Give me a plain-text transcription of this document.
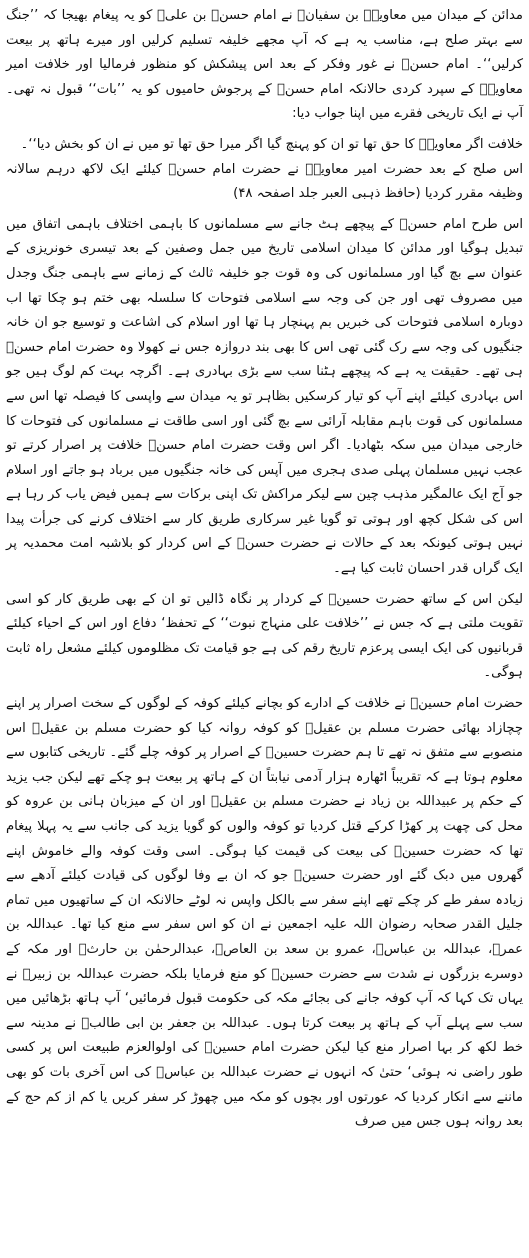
مدائن کے میدان میں معاویہؓ بن سفیانؓ نے امام حسنؓ بن علیؓ کو یہ پیغام بھیجا کہ ’’جنگ سے بہتر صلح ہے، مناسب یہ ہے کہ آپ مجھے خلیفہ تسلیم کرلیں اور میرے ہاتھ پر بیعت کرلیں‘‘۔ امام حسنؓ نے غور وفکر کے بعد اس پیشکش کو منظور فرمالیا اور خلافت امیر معاویہؓ کے سپرد کردی حالانکہ امام حسنؓ کے پرجوش حامیوں کو یہ ’’بات‘‘ قبول نہ تھی۔ آپ نے ایک تاریخی فقرے میں اپنا جواب دیا:

خلافت اگر معاویہؓ کا حق تھا تو ان کو پہنچ گیا اگر میرا حق تھا تو میں نے ان کو بخش دیا‘‘۔

اس صلح کے بعد حضرت امیر معاویہؓ نے حضرت امام حسنؓ کیلئے ایک لاکھ درہم سالانہ وظیفہ مقرر کردیا (حافظ ذہبی العبر جلد اصفحہ ۴۸)

اس طرح امام حسنؓ کے پیچھے ہٹ جانے سے مسلمانوں کا باہمی اختلاف باہمی اتفاق میں تبدیل ہوگیا اور مدائن کا میدان اسلامی تاریخ میں جمل وصفین کے بعد تیسری خونریزی کے عنوان سے بچ گیا اور مسلمانوں کی وہ قوت جو خلیفہ ثالث کے زمانے سے باہمی جنگ وجدل میں مصروف تھی اور جن کی وجہ سے اسلامی فتوحات کا سلسلہ بھی ختم ہو چکا تھا اب دوبارہ اسلامی فتوحات کی خبریں بم پہنچار ہا تھا اور اسلام کی اشاعت و توسیع جو ان خانہ جنگیوں کی وجہ سے رک گئی تھی اس کا بھی بند دروازہ جس نے کھولا وہ حضرت امام حسنؓ ہی تھے۔ حقیقت یہ ہے کہ پیچھے ہٹنا سب سے بڑی بہادری ہے۔ اگرچہ بہت کم لوگ ہیں جو اس بہادری کیلئے اپنے آپ کو تیار کرسکیں بظاہر تو یہ میدان سے واپسی کا فیصلہ تھا اس سے مسلمانوں کی قوت باہم مقابلہ آرائی سے بچ گئی اور اسی طاقت نے مسلمانوں کی فتوحات کا خارجی میدان میں سکہ بٹھادیا۔ اگر اس وقت حضرت امام حسنؓ خلافت پر اصرار کرتے تو عجب نہیں مسلمان پہلی صدی ہجری میں آپس کی خانہ جنگیوں میں برباد ہو جاتے اور اسلام جو آج ایک عالمگیر مذہب چین سے لیکر مراکش تک اپنی برکات سے ہمیں فیض یاب کر رہا ہے اس کی شکل کچھ اور ہوتی تو گویا غیر سرکاری طریق کار سے اختلاف کرنے کی جرأت پیدا نہیں ہوتی کیونکہ بعد کے حالات نے حضرت حسنؓ کے اس کردار کو بلاشبہ امت محمدیہ پر ایک گراں قدر احسان ثابت کیا ہے۔

لیکن اس کے ساتھ حضرت حسینؓ کے کردار پر نگاہ ڈالیں تو ان کے بھی طریق کار کو اسی تقویت ملتی ہے کہ جس نے ’’خلافت علی منہاج نبوت‘‘ کے تحفظ‘ دفاع اور اس کے احیاء کیلئے قربانیوں کی ایک ایسی پرعزم تاریخ رقم کی ہے جو قیامت تک مظلوموں کیلئے مشعل راہ ثابت ہوگی۔

حضرت امام حسینؓ نے خلافت کے ادارے کو بچانے کیلئے کوفہ کے لوگوں کے سخت اصرار پر اپنے چچازاد بھائی حضرت مسلم بن عقیلؓ کو کوفہ روانہ کیا کو حضرت مسلم بن عقیلؓ اس منصوبے سے متفق نہ تھے تا ہم حضرت حسینؓ کے اصرار پر کوفہ چلے گئے۔ تاریخی کتابوں سے معلوم ہوتا ہے کہ تقریباً اٹھارہ ہزار آدمی نیابتاً ان کے ہاتھ پر بیعت ہو چکے تھے لیکن جب یزید کے حکم پر عبیداللہ بن زیاد نے حضرت مسلم بن عقیلؓ اور ان کے میزبان ہانی بن عروہ کو محل کی چھت پر کھڑا کرکے قتل کردیا تو کوفہ والوں کو گویا یزید کی جانب سے یہ پہلا پیغام تھا کہ حضرت حسینؓ کی بیعت کی قیمت کیا ہوگی۔ اسی وقت کوفہ والے خاموش اپنے گھروں میں دبک گئے اور حضرت حسینؓ جو کہ ان بے وفا لوگوں کی قیادت کیلئے آدھے سے زیادہ سفر طے کر چکے تھے اپنے سفر سے بالکل واپس نہ لوٹے حالانکہ ان کے ساتھیوں میں تمام جلیل القدر صحابہ رضوان اللہ علیہ اجمعین نے ان کو اس سفر سے منع کیا تھا۔ عبداللہ بن عمرؓ، عبداللہ بن عباسؓ، عمرو بن سعد بن العاصؓ، عبدالرحمٰن بن حارثؓ اور مکہ کے دوسرے بزرگوں نے شدت سے حضرت حسینؓ کو منع فرمایا بلکہ حضرت عبداللہ بن زبیرؓ نے یہاں تک کہا کہ آپ کوفہ جانے کی بجائے مکہ کی حکومت قبول فرمائیں‘ آپ ہاتھ بڑھائیں میں سب سے پہلے آپ کے ہاتھ پر بیعت کرتا ہوں۔ عبداللہ بن جعفر بن ابی طالبؓ نے مدینہ سے خط لکھ کر بہا اصرار منع کیا لیکن حضرت امام حسینؓ کی اولوالعزم طبیعت اس پر کسی طور راضی نہ ہوئی‘ حتیٰ کہ انہوں نے حضرت عبداللہ بن عباسؓ کی اس آخری بات کو بھی ماننے سے انکار کردیا کہ عورتوں اور بچوں کو مکہ میں چھوڑ کر سفر کریں یا کم از کم حج کے بعد روانہ ہوں جس میں صرف
